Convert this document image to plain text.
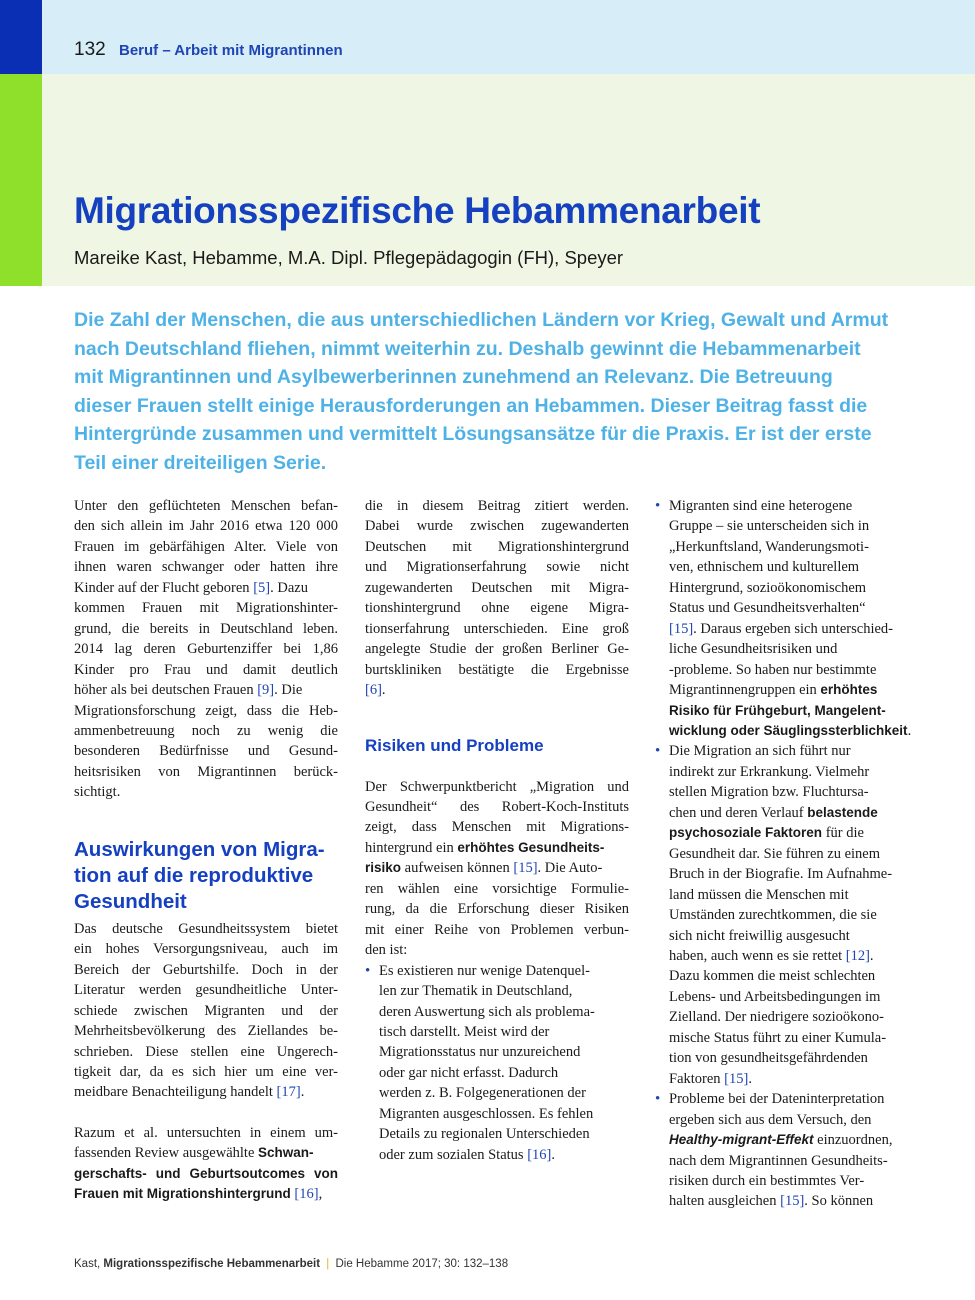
132 Beruf – Arbeit mit Migrantinnen
Migrationsspezifische Hebammenarbeit
Mareike Kast, Hebamme, M.A. Dipl. Pflegepädagogin (FH), Speyer
Die Zahl der Menschen, die aus unterschiedlichen Ländern vor Krieg, Gewalt und Armut
nach Deutschland fliehen, nimmt weiterhin zu. Deshalb gewinnt die Hebammenarbeit
mit Migrantinnen und Asylbewerberinnen zunehmend an Relevanz. Die Betreuung
dieser Frauen stellt einige Herausforderungen an Hebammen. Dieser Beitrag fasst die
Hintergründe zusammen und vermittelt Lösungsansätze für die Praxis. Er ist der erste
Teil einer dreiteiligen Serie.
Unter den geflüchteten Menschen befan-
den sich allein im Jahr 2016 etwa 120 000
Frauen im gebärfähigen Alter. Viele von
ihnen waren schwanger oder hatten ihre
Kinder auf der Flucht geboren [5]. Dazu
kommen Frauen mit Migrationshinter-
grund, die bereits in Deutschland leben.
2014 lag deren Geburtenziffer bei 1,86
Kinder pro Frau und damit deutlich
höher als bei deutschen Frauen [9]. Die
Migrationsforschung zeigt, dass die Heb-
ammenbetreuung noch zu wenig die
besonderen Bedürfnisse und Gesund-
heitsrisiken von Migrantinnen berück-
sichtigt.
Auswirkungen von Migra-
tion auf die reproduktive
Gesundheit
Das deutsche Gesundheitssystem bietet
ein hohes Versorgungsniveau, auch im
Bereich der Geburtshilfe. Doch in der
Literatur werden gesundheitliche Unter-
schiede zwischen Migranten und der
Mehrheitsbevölkerung des Ziellandes be-
schrieben. Diese stellen eine Ungerech-
tigkeit dar, da es sich hier um eine ver-
meidbare Benachteiligung handelt [17].
Razum et al. untersuchten in einem um-
fassenden Review ausgewählte Schwan-
gerschafts- und Geburtsoutcomes von
Frauen mit Migrationshintergrund [16],
die in diesem Beitrag zitiert werden.
Dabei wurde zwischen zugewanderten
Deutschen mit Migrationshintergrund
und Migrationserfahrung sowie nicht
zugewanderten Deutschen mit Migra-
tionshintergrund ohne eigene Migra-
tionserfahrung unterschieden. Eine groß
angelegte Studie der großen Berliner Ge-
burtskliniken bestätigte die Ergebnisse
[6].
Risiken und Probleme
Der Schwerpunktbericht „Migration und
Gesundheit“ des Robert-Koch-Instituts
zeigt, dass Menschen mit Migrations-
hintergrund ein erhöhtes Gesundheits-
risiko aufweisen können [15]. Die Auto-
ren wählen eine vorsichtige Formulie-
rung, da die Erforschung dieser Risiken
mit einer Reihe von Problemen verbun-
den ist:
• Es existieren nur wenige Datenquel-
len zur Thematik in Deutschland,
deren Auswertung sich als problema-
tisch darstellt. Meist wird der
Migrationsstatus nur unzureichend
oder gar nicht erfasst. Dadurch
werden z. B. Folgegenerationen der
Migranten ausgeschlossen. Es fehlen
Details zu regionalen Unterschieden
oder zum sozialen Status [16].
• Migranten sind eine heterogene
Gruppe – sie unterscheiden sich in
„Herkunftsland, Wanderungsmoti-
ven, ethnischem und kulturellem
Hintergrund, sozioökonomischem
Status und Gesundheitsverhalten“
[15]. Daraus ergeben sich unterschied-
liche Gesundheitsrisiken und
-probleme. So haben nur bestimmte
Migrantinnengruppen ein erhöhtes
Risiko für Frühgeburt, Mangelent-
wicklung oder Säuglingssterblichkeit.
• Die Migration an sich führt nur
indirekt zur Erkrankung. Vielmehr
stellen Migration bzw. Fluchtursa-
chen und deren Verlauf belastende
psychosoziale Faktoren für die
Gesundheit dar. Sie führen zu einem
Bruch in der Biografie. Im Aufnahme-
land müssen die Menschen mit
Umständen zurechtkommen, die sie
sich nicht freiwillig ausgesucht
haben, auch wenn es sie rettet [12].
Dazu kommen die meist schlechten
Lebens- und Arbeitsbedingungen im
Zielland. Der niedrigere sozioökono-
mische Status führt zu einer Kumula-
tion von gesundheitsgefährdenden
Faktoren [15].
• Probleme bei der Dateninterpretation
ergeben sich aus dem Versuch, den
Healthy-migrant-Effekt einzuordnen,
nach dem Migrantinnen Gesundheits-
risiken durch ein bestimmtes Ver-
halten ausgleichen [15]. So können
Kast, Migrationsspezifische Hebammenarbeit | Die Hebamme 2017; 30: 132–138
